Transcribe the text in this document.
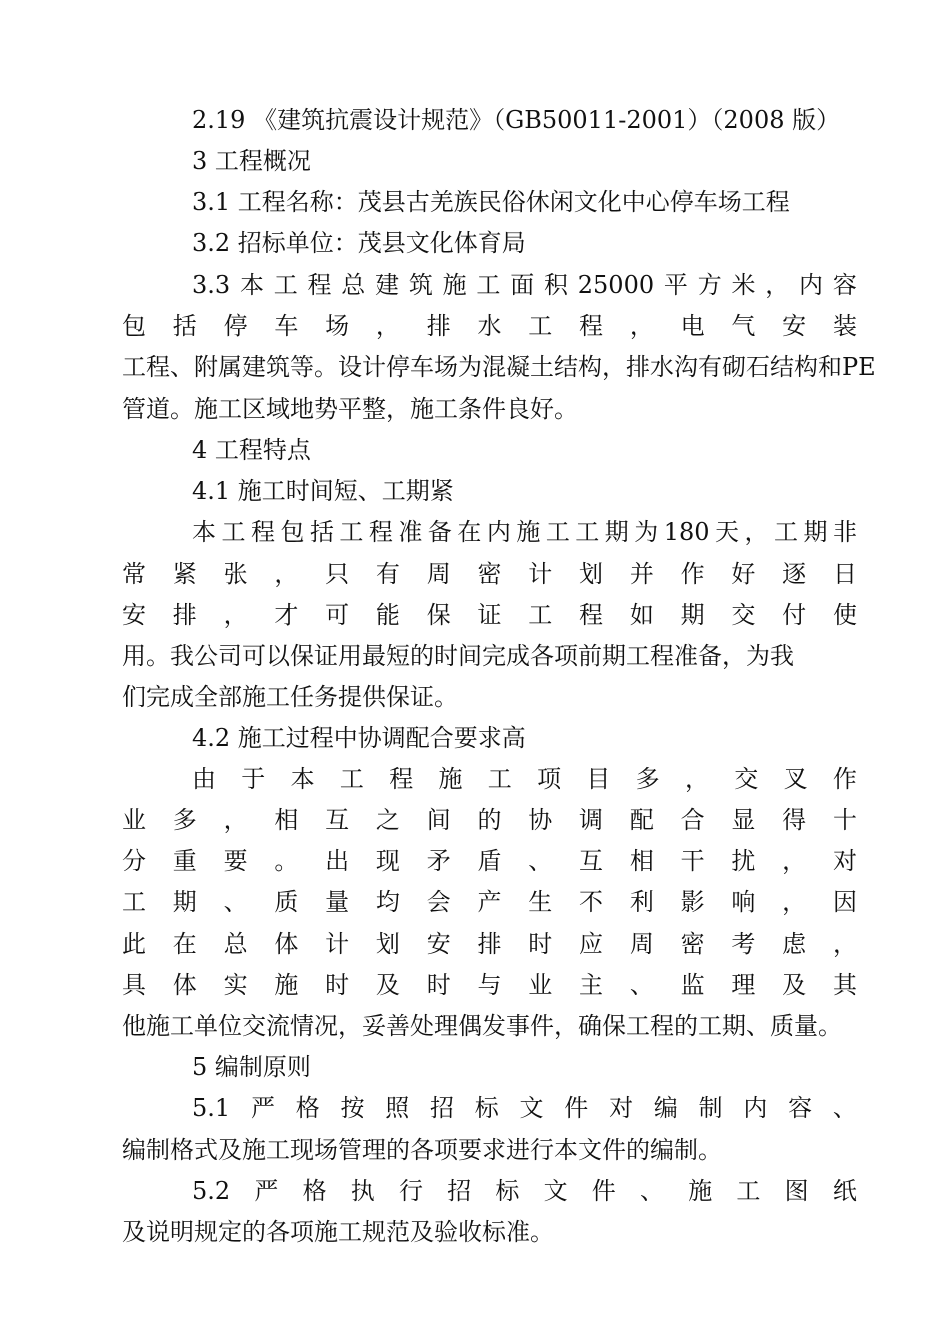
2.19 《建筑抗震设计规范》（GB50011-2001）（2008 版）
3 工程概况
3.1 工程名称：茂县古羌族民俗休闲文化中心停车场工程
3.2 招标单位：茂县文化体育局
3.3 本 工 程 总 建 筑 施 工 面 积 25000 平 方 米 ， 内 容
包 括 停 车 场 ， 排 水 工 程 ， 电 气 安 装
工程、附属建筑等。设计停车场为混凝土结构，排水沟有砌石结构和PE
管道。施工区域地势平整，施工条件良好。
4 工程特点
4.1 施工时间短、工期紧
本 工 程 包 括 工 程 准 备 在 内 施 工 工 期 为 180 天 ， 工 期 非
常 紧 张 ， 只 有 周 密 计 划 并 作 好 逐 日
安 排 ， 才 可 能 保 证 工 程 如 期 交 付 使
用。我公司可以保证用最短的时间完成各项前期工程准备，为我
们完成全部施工任务提供保证。
4.2 施工过程中协调配合要求高
由 于 本 工 程 施 工 项 目 多 ， 交 叉 作
业 多 ， 相 互 之 间 的 协 调 配 合 显 得 十
分 重 要 。 出 现 矛 盾 、 互 相 干 扰 ， 对
工 期 、 质 量 均 会 产 生 不 利 影 响 ， 因
此 在 总 体 计 划 安 排 时 应 周 密 考 虑 ，
具 体 实 施 时 及 时 与 业 主 、 监 理 及 其
他施工单位交流情况，妥善处理偶发事件，确保工程的工期、质量。
5 编制原则
5.1 严 格 按 照 招 标 文 件 对 编 制 内 容 、
编制格式及施工现场管理的各项要求进行本文件的编制。
5.2 严 格 执 行 招 标 文 件 、 施 工 图 纸
及说明规定的各项施工规范及验收标准。
